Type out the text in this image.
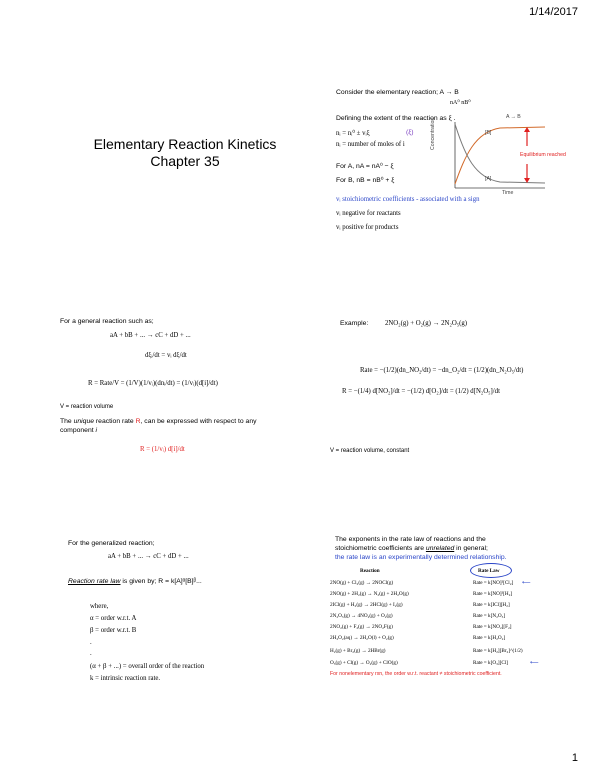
1/14/2017
Elementary Reaction Kinetics
Chapter 35
Consider the elementary reaction; A → B
nA⁰ nB⁰
Defining the extent of the reaction as ξ .
nᵢ = nᵢ⁰ ± vᵢξ	(ξ)
nᵢ = number of moles of i
For A, nA = nA⁰ − ξ
For B, nB = nB⁰ + ξ
Equilibrium reached
A → B
[B]
[A]
Concentration
Time
vᵢ stoichiometric coefficients - associated with a sign
vᵢ negative for reactants
vᵢ positive for products
For a general reaction such as;
aA + bB + ... → cC + dD + ...
dξᵢ/dt = vᵢ dξ/dt
R = Rate/V = (1/V)(1/vᵢ)(dnᵢ/dt) = (1/vᵢ)(d[i]/dt)
V = reaction volume
The unique reaction rate R, can be expressed with respect to any component i
R = (1/vᵢ) d[i]/dt
Example: 2NO₂(g) + O₂(g) → 2N₂O₅(g)
Rate = −(1/2)(dn_NO₂/dt) = −dn_O₂/dt = (1/2)(dn_N₂O₅/dt)
R = −(1/4) d[NO₂]/dt = −(1/2) d[O₂]/dt = (1/2) d[N₂O₅]/dt
V = reaction volume, constant
For the generalized reaction;
aA + bB + ... → cC + dD + ...
Reaction rate law is given by; R = k[A]ᵅ[B]ᵝ...
where,
α = order w.r.t. A
β = order w.r.t. B
.
.
(α + β + ...) = overall order of the reaction
k = intrinsic reaction rate.
The exponents in the rate law of reactions and the
stoichiometric coefficients are unrelated in general;
the rate law is an experimentally determined relationship.
Reaction	Rate Law
2NO(g) + Cl₂(g) → 2NOCl(g)	Rate = k[NO]²[Cl₂] ⟵
2NO(g) + 2H₂(g) → N₂(g) + 2H₂O(g)	Rate = k[NO]²[H₂]
2ICl(g) + H₂(g) → 2HCl(g) + I₂(g)	Rate = k[ICl][H₂]
2N₂O₅(g) → 4NO₂(g) + O₂(g)	Rate = k[N₂O₅]
2NO₂(g) + F₂(g) → 2NO₂F(g)	Rate = k[NO₂][F₂]
2H₂O₂(aq) → 2H₂O(l) + O₂(g)	Rate = k[H₂O₂]
H₂(g) + Br₂(g) → 2HBr(g)	Rate = k[H₂][Br₂]^(1/2)
O₃(g) + Cl(g) → O₂(g) + ClO(g)	Rate = k[O₃][Cl]	⟵
For nonelementary rxn, the order w.r.t. reactant ≠ stoichiometric coefficient.
1
